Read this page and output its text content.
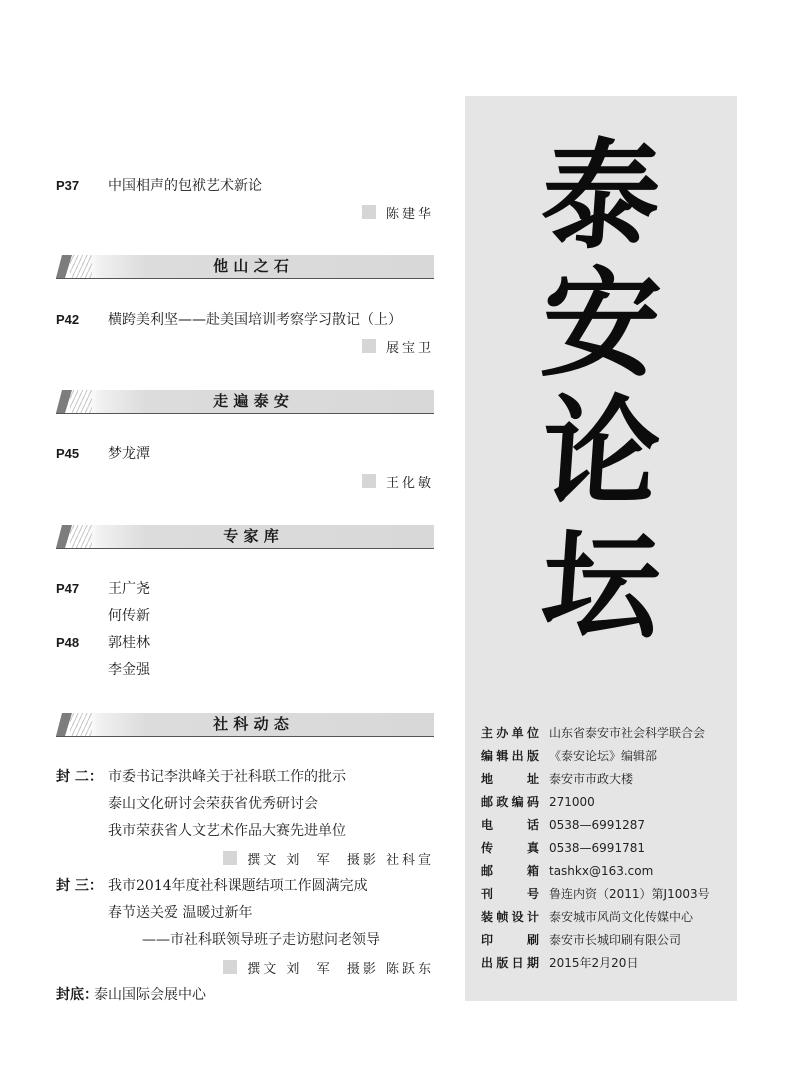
P37 中国相声的包袱艺术新论
陈建华
他 山 之 石
P42 横跨美利坚——赴美国培训考察学习散记（上）
展宝卫
走 遍 泰 安
P45 梦龙潭
王化敏
专 家 库
P47 王广尧
何传新
P48 郭桂林
李金强
社 科 动 态
封 二： 市委书记李洪峰关于社科联工作的批示
泰山文化研讨会荣获省优秀研讨会
我市荣获省人文艺术作品大赛先进单位
撰文 刘  军  摄影 社科宣
封 三： 我市2014年度社科课题结项工作圆满完成
春节送关爱 温暖过新年
——市社科联领导班子走访慰问老领导
撰文 刘  军  摄影 陈跃东
封底：
泰山国际会展中心
泰
安
论
坛
主 办 单 位 山东省泰安市社会科学联合会
编 辑 出 版 《泰安论坛》编辑部
地	址 泰安市市政大楼
邮 政 编 码 271000
电	话 0538—6991287
传	真 0538—6991781
邮	箱 tashkx@163.com
刊	号 鲁连内资（2011）第J1003号
装 帧 设 计 泰安城市风尚文化传媒中心
印	刷 泰安市长城印刷有限公司
出 版 日 期 2015年2月20日
